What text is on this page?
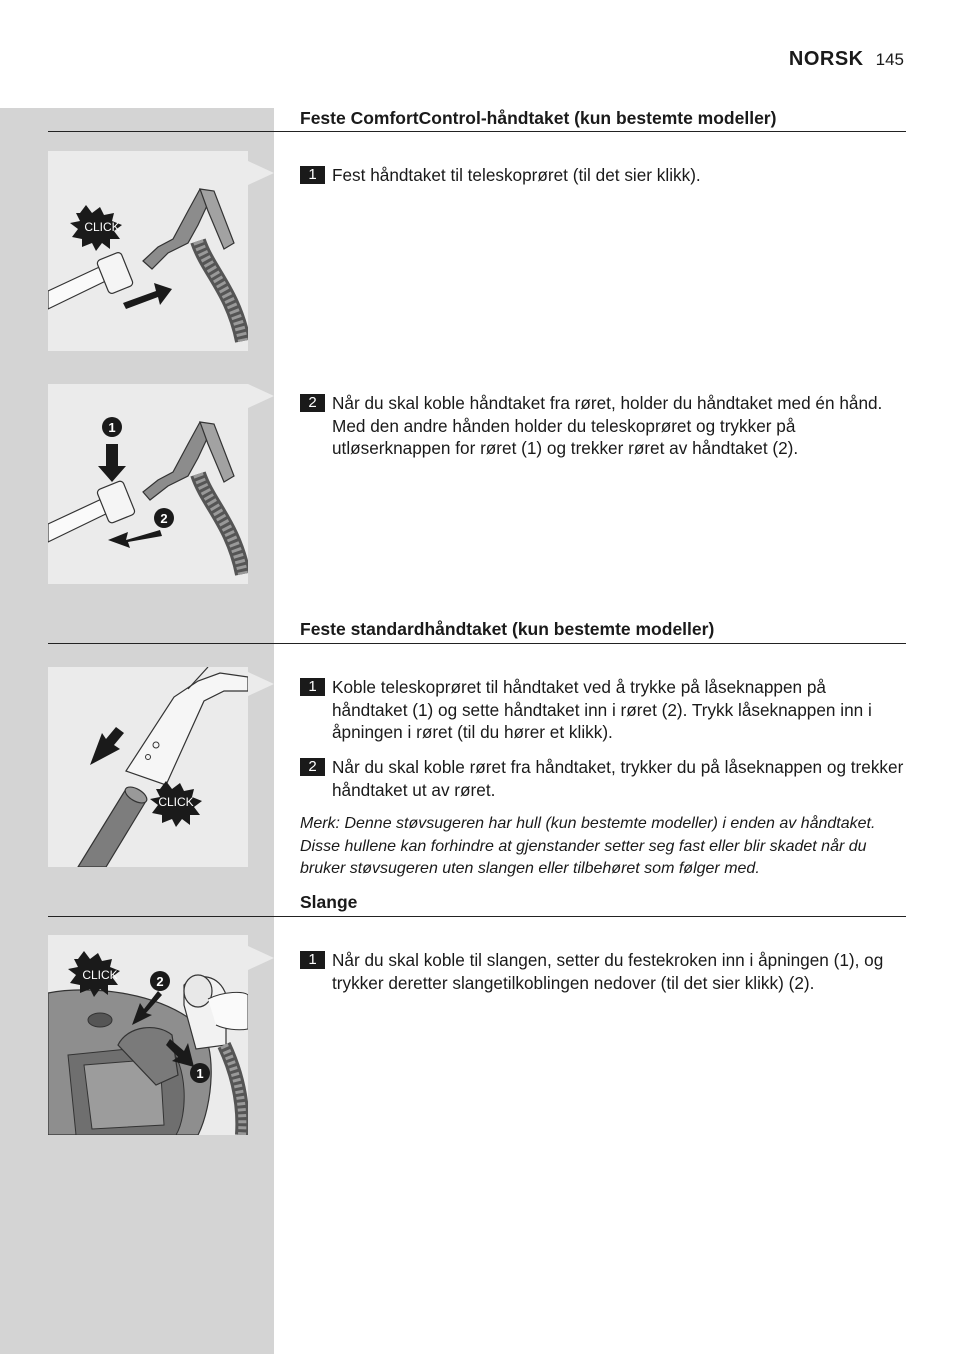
NORSK 145
Feste ComfortControl-håndtaket (kun bestemte modeller)
CLICK
1 Fest håndtaket til teleskoprøret (til det sier klikk).
1
2
2 Når du skal koble håndtaket fra røret, holder du håndtaket med én hånd. Med den andre hånden holder du teleskoprøret og trykker på utløserknappen for røret (1) og trekker røret av håndtaket (2).
Feste standardhåndtaket (kun bestemte modeller)
CLICK
1 Koble teleskoprøret til håndtaket ved å trykke på låseknappen på håndtaket (1) og sette håndtaket inn i røret (2). Trykk låseknappen inn i åpningen i røret (til du hører et klikk).
2 Når du skal koble røret fra håndtaket, trykker du på låseknappen og trekker håndtaket ut av røret.
Merk: Denne støvsugeren har hull (kun bestemte modeller) i enden av håndtaket. Disse hullene kan forhindre at gjenstander setter seg fast eller blir skadet når du bruker støvsugeren uten slangen eller tilbehøret som følger med.
Slange
CLICK	2
1
1 Når du skal koble til slangen, setter du festekroken inn i åpningen (1), og trykker deretter slangetilkoblingen nedover (til det sier klikk) (2).
